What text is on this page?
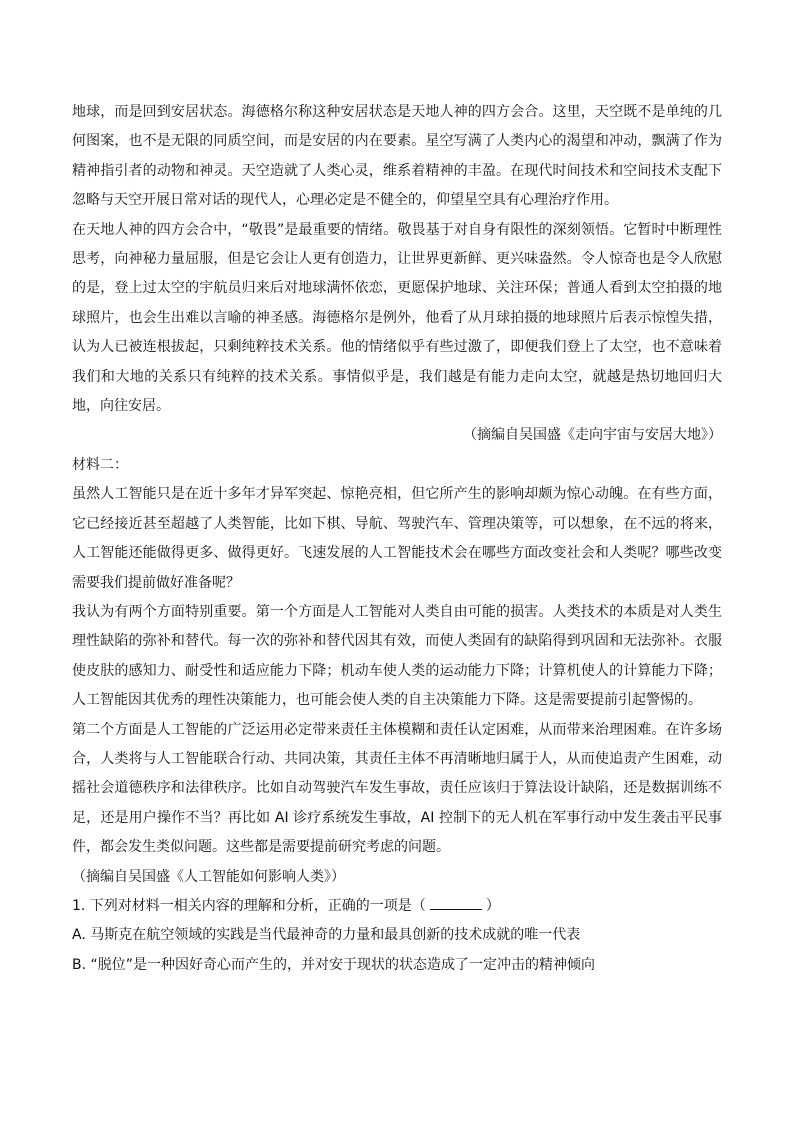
地球，而是回到安居状态。海德格尔称这种安居状态是天地人神的四方会合。这里，天空既不是单纯的几何图案，也不是无限的同质空间，而是安居的内在要素。星空写满了人类内心的渴望和冲动，飘满了作为精神指引者的动物和神灵。天空造就了人类心灵，维系着精神的丰盈。在现代时间技术和空间技术支配下忽略与天空开展日常对话的现代人，心理必定是不健全的，仰望星空具有心理治疗作用。

在天地人神的四方会合中，“敬畏”是最重要的情绪。敬畏基于对自身有限性的深刻领悟。它暂时中断理性思考，向神秘力量屈服，但是它会让人更有创造力，让世界更新鲜、更兴味盎然。令人惊奇也是令人欣慰的是，登上过太空的宇航员归来后对地球满怀依恋，更愿保护地球、关注环保；普通人看到太空拍摄的地球照片，也会生出难以言喻的神圣感。海德格尔是例外，他看了从月球拍摄的地球照片后表示惊惶失措，认为人已被连根拔起，只剩纯粹技术关系。他的情绪似乎有些过激了，即便我们登上了太空，也不意味着我们和大地的关系只有纯粹的技术关系。事情似乎是，我们越是有能力走向太空，就越是热切地回归大地，向往安居。

（摘编自吴国盛《走向宇宙与安居大地》）

材料二：

虽然人工智能只是在近十多年才异军突起、惊艳亮相，但它所产生的影响却颇为惊心动魄。在有些方面，它已经接近甚至超越了人类智能，比如下棋、导航、驾驶汽车、管理决策等，可以想象，在不远的将来，人工智能还能做得更多、做得更好。飞速发展的人工智能技术会在哪些方面改变社会和人类呢？哪些改变需要我们提前做好准备呢？

我认为有两个方面特别重要。第一个方面是人工智能对人类自由可能的损害。人类技术的本质是对人类生理性缺陷的弥补和替代。每一次的弥补和替代因其有效，而使人类固有的缺陷得到巩固和无法弥补。衣服使皮肤的感知力、耐受性和适应能力下降；机动车使人类的运动能力下降；计算机使人的计算能力下降；人工智能因其优秀的理性决策能力，也可能会使人类的自主决策能力下降。这是需要提前引起警惕的。

第二个方面是人工智能的广泛运用必定带来责任主体模糊和责任认定困难，从而带来治理困难。在许多场合，人类将与人工智能联合行动、共同决策，其责任主体不再清晰地归属于人，从而使追责产生困难，动摇社会道德秩序和法律秩序。比如自动驾驶汽车发生事故，责任应该归于算法设计缺陷，还是数据训练不足，还是用户操作不当？再比如 AI 诊疗系统发生事故，AI 控制下的无人机在军事行动中发生袭击平民事件，都会发生类似问题。这些都是需要提前研究考虑的问题。

（摘编自吴国盛《人工智能如何影响人类》）

1. 下列对材料一相关内容的理解和分析，正确的一项是（	）

A. 马斯克在航空领域的实践是当代最神奇的力量和最具创新的技术成就的唯一代表

B. “脱位”是一种因好奇心而产生的，并对安于现状的状态造成了一定冲击的精神倾向
